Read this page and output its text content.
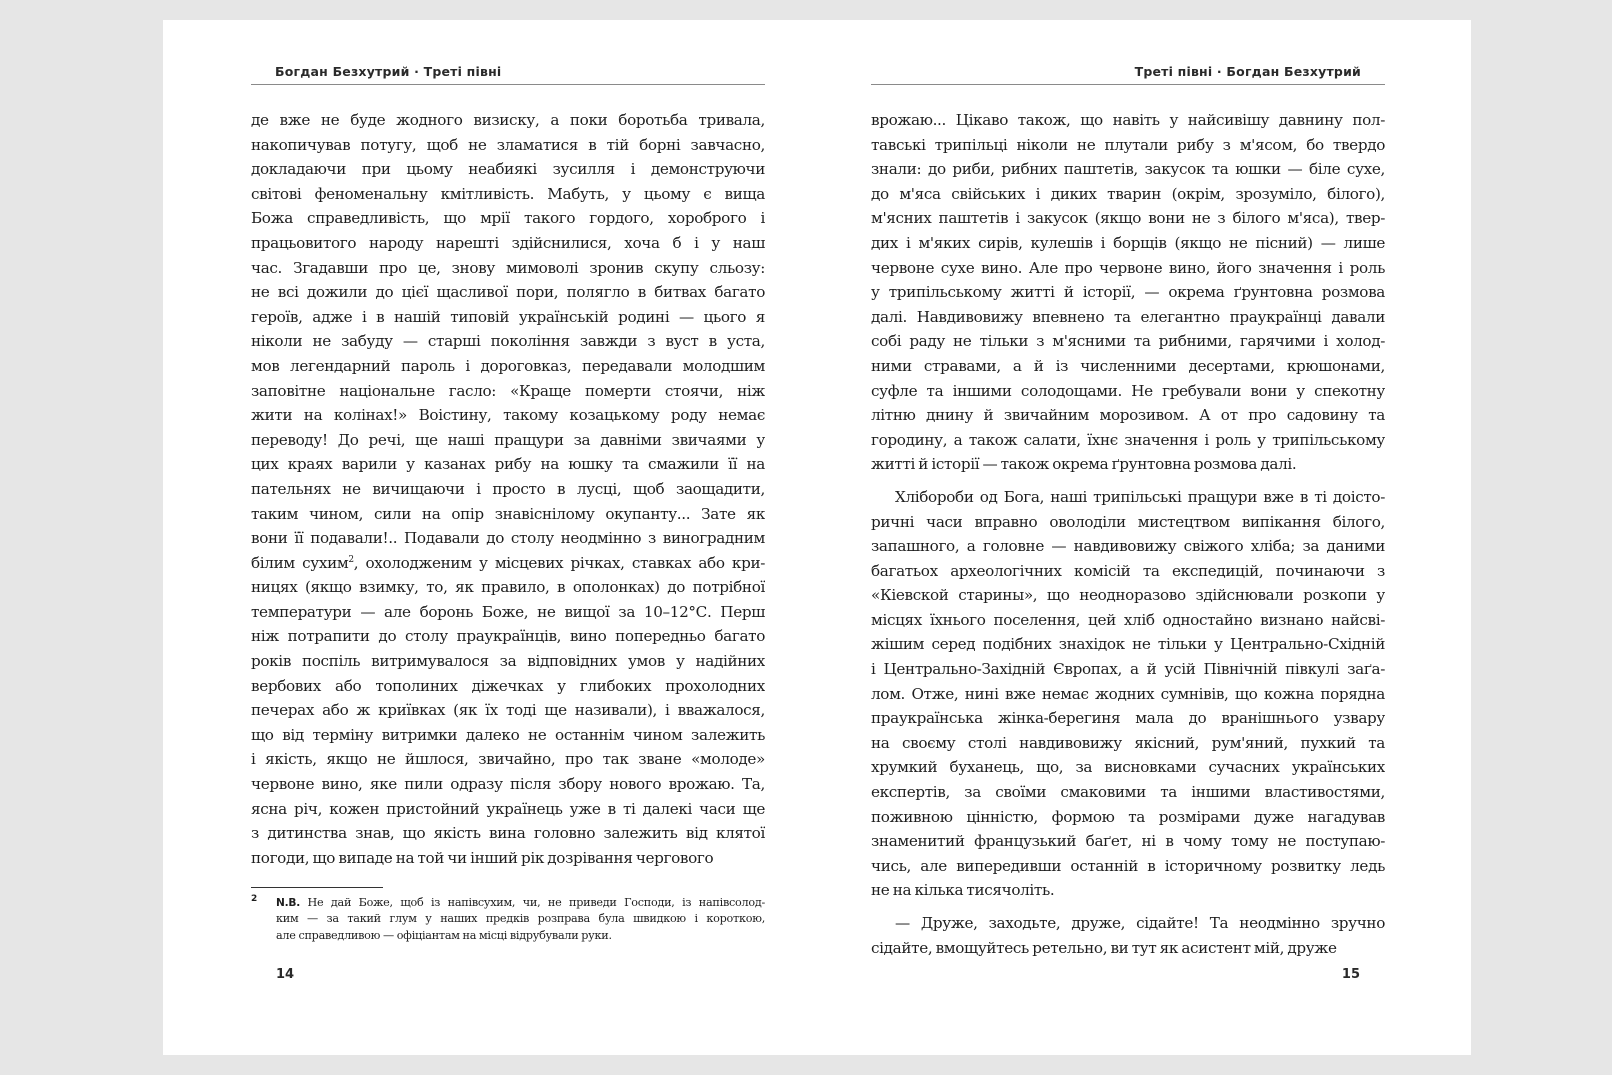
Богдан Безхутрий · Треті півні
де вже не буде жодного визиску, а поки боротьба тривала,
накопичував потугу, щоб не зламатися в тій борні завчасно,
докладаючи при цьому неабиякі зусилля і демонструючи
світові феноменальну кмітливість. Мабуть, у цьому є вища
Божа справедливість, що мрії такого гордого, хороброго і
працьовитого народу нарешті здійснилися, хоча б і у наш
час. Згадавши про це, знову мимоволі зронив скупу сльозу:
не всі дожили до цієї щасливої пори, полягло в битвах багато
героїв, адже і в нашій типовій українській родині — цього я
ніколи не забуду — старші покоління завжди з вуст в уста,
мов легендарний пароль і дороговказ, передавали молодшим
заповітне національне гасло: «Краще померти стоячи, ніж
жити на колінах!» Воістину, такому козацькому роду немає
переводу! До речі, ще наші пращури за давніми звичаями у
цих краях варили у казанах рибу на юшку та смажили її на
пательнях не вичищаючи і просто в лусці, щоб заощадити,
таким чином, сили на опір знавіснілому окупанту... Зате як
вони її подавали!.. Подавали до столу неодмінно з виноградним
білим сухим$^2$, охолодженим у місцевих річках, ставках або кри-
ницях (якщо взимку, то, як правило, в ополонках) до потрібної
температури — але боронь Боже, не вищої за 10–12°С. Перш
ніж потрапити до столу праукраїнців, вино попередньо багато
років поспіль витримувалося за відповідних умов у надійних
вербових або тополиних діжечках у глибоких прохолодних
печерах або ж криївках (як їх тоді ще називали), і вважалося,
що від терміну витримки далеко не останнім чином залежить
і якість, якщо не йшлося, звичайно, про так зване «молоде»
червоне вино, яке пили одразу після збору нового врожаю. Та,
ясна річ, кожен пристойний українець уже в ті далекі часи ще
з дитинства знав, що якість вина головно залежить від клятої
погоди, що випаде на той чи інший рік дозрівання чергового
2	N.B. Не дай Боже, щоб із напівсухим, чи, не приведи Господи, із напівсолод-
ким — за такий глум у наших предків розправа була швидкою і короткою,
але справедливою — офіціантам на місці відрубували руки.
14
Треті півні · Богдан Безхутрий
врожаю... Цікаво також, що навіть у найсивішу давнину пол-
тавські трипільці ніколи не плутали рибу з м'ясом, бо твердо
знали: до риби, рибних паштетів, закусок та юшки — біле сухе,
до м'яса свійських і диких тварин (окрім, зрозуміло, білого),
м'ясних паштетів і закусок (якщо вони не з білого м'яса), твер-
дих і м'яких сирів, кулешів і борщів (якщо не пісний) — лише
червоне сухе вино. Але про червоне вино, його значення і роль
у трипільському житті й історії, — окрема ґрунтовна розмова
далі. Навдивовижу впевнено та елегантно праукраїнці давали
собі раду не тільки з м'ясними та рибними, гарячими і холод-
ними стравами, а й із численними десертами, крюшонами,
суфле та іншими солодощами. Не гребували вони у спекотну
літню днину й звичайним морозивом. А от про садовину та
городину, а також салати, їхнє значення і роль у трипільському
житті й історії — також окрема ґрунтовна розмова далі.
Хлібороби од Бога, наші трипільські пращури вже в ті доісто-
ричні часи вправно оволоділи мистецтвом випікання білого,
запашного, а головне — навдивовижу свіжого хліба; за даними
багатьох археологічних комісій та експедицій, починаючи з
«Кіевской старины», що неодноразово здійснювали розкопи у
місцях їхнього поселення, цей хліб одностайно визнано найсві-
жішим серед подібних знахідок не тільки у Центрально-Східній
і Центрально-Західній Європах, а й усій Північній півкулі заґа-
лом. Отже, нині вже немає жодних сумнівів, що кожна порядна
праукраїнська жінка-берегиня мала до вранішнього узвару
на своєму столі навдивовижу якісний, рум'яний, пухкий та
хрумкий буханець, що, за висновками сучасних українських
експертів, за своїми смаковими та іншими властивостями,
поживною цінністю, формою та розмірами дуже нагадував
знаменитий французький баґет, ні в чому тому не поступаю-
чись, але випередивши останній в історичному розвитку ледь
не на кілька тисячоліть.
— Друже, заходьте, друже, сідайте! Та неодмінно зручно
сідайте, вмощуйтесь ретельно, ви тут як асистент мій, друже
15
